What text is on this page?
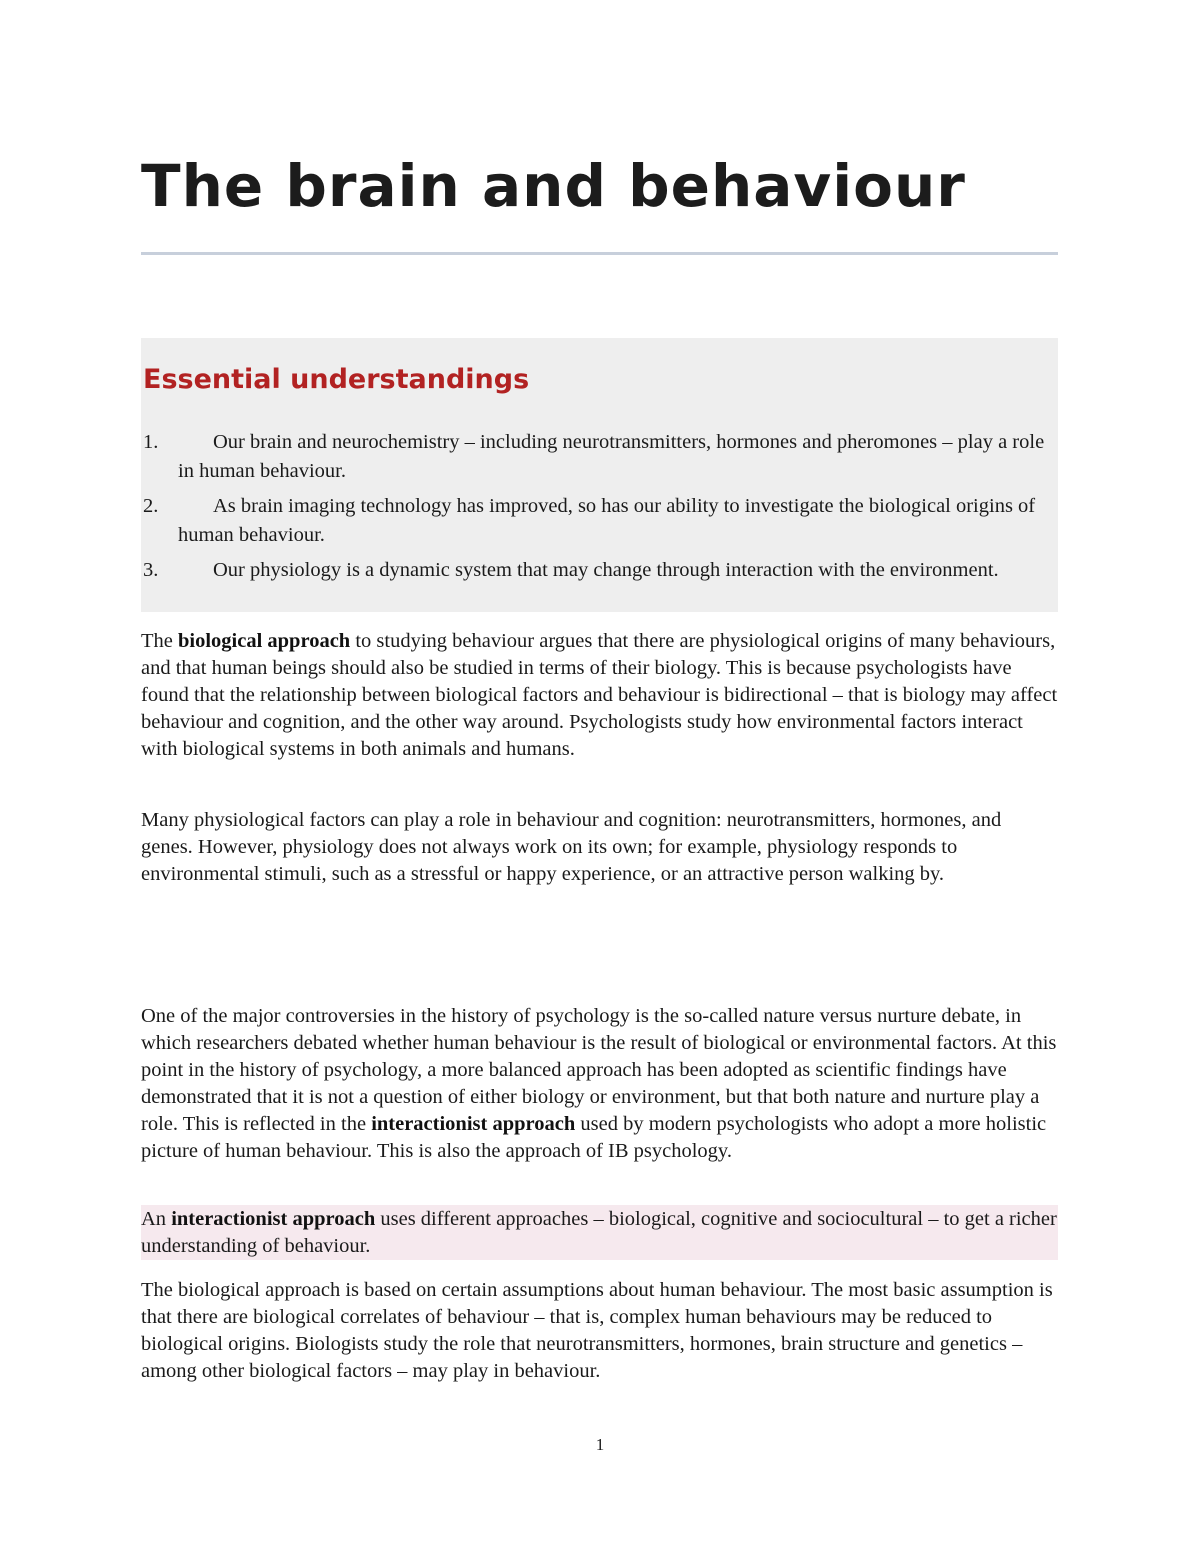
The brain and behaviour
Essential understandings
1.	Our brain and neurochemistry – including neurotransmitters, hormones and pheromones – play a role in human behaviour.
2.	As brain imaging technology has improved, so has our ability to investigate the biological origins of human behaviour.
3.	Our physiology is a dynamic system that may change through interaction with the environment.

The biological approach to studying behaviour argues that there are physiological origins of many behaviours, and that human beings should also be studied in terms of their biology. This is because psychologists have found that the relationship between biological factors and behaviour is bidirectional – that is biology may affect behaviour and cognition, and the other way around. Psychologists study how environmental factors interact with biological systems in both animals and humans.

Many physiological factors can play a role in behaviour and cognition: neurotransmitters, hormones, and genes. However, physiology does not always work on its own; for example, physiology responds to environmental stimuli, such as a stressful or happy experience, or an attractive person walking by.

One of the major controversies in the history of psychology is the so-called nature versus nurture debate, in which researchers debated whether human behaviour is the result of biological or environmental factors. At this point in the history of psychology, a more balanced approach has been adopted as scientific findings have demonstrated that it is not a question of either biology or environment, but that both nature and nurture play a role. This is reflected in the interactionist approach used by modern psychologists who adopt a more holistic picture of human behaviour. This is also the approach of IB psychology.

An interactionist approach uses different approaches – biological, cognitive and sociocultural – to get a richer understanding of behaviour.

The biological approach is based on certain assumptions about human behaviour. The most basic assumption is that there are biological correlates of behaviour – that is, complex human behaviours may be reduced to biological origins. Biologists study the role that neurotransmitters, hormones, brain structure and genetics – among other biological factors – may play in behaviour.

1
